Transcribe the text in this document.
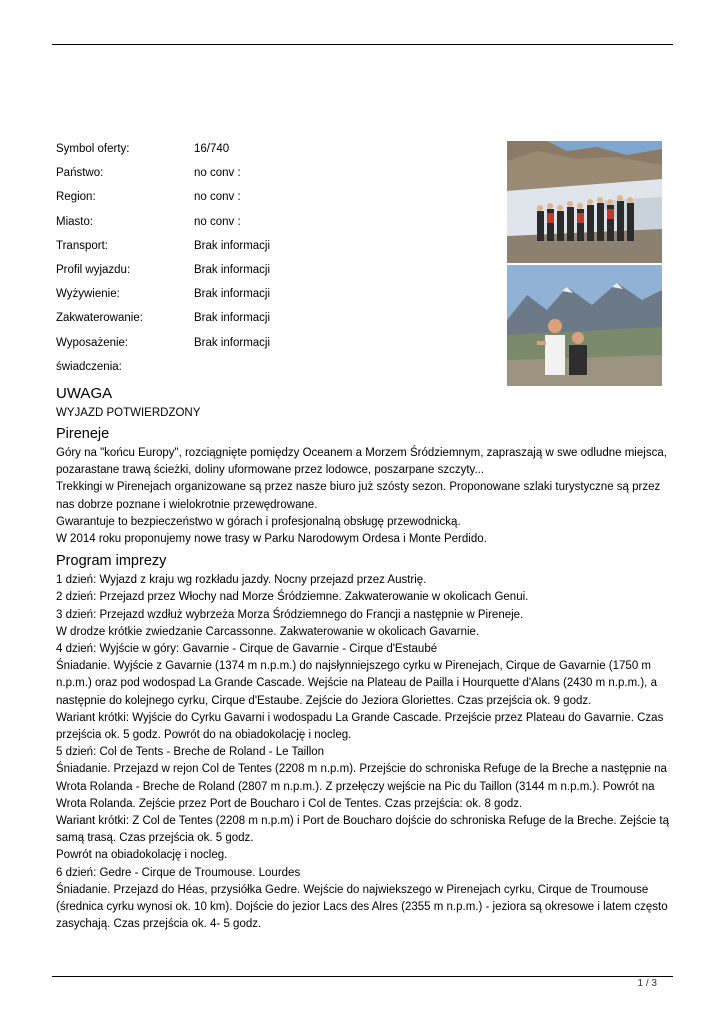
Symbol oferty:	16/740
Państwo:	no conv :
Region:	no conv :
Miasto:	no conv :
Transport:	Brak informacji
Profil wyjazdu:	Brak informacji
Wyżywienie:	Brak informacji
Zakwaterowanie:	Brak informacji
Wyposażenie:	Brak informacji
świadczenia:
UWAGA
WYJAZD POTWIERDZONY
Pireneje

Góry na "końcu Europy", rozciągnięte pomiędzy Oceanem a Morzem Śródziemnym, zapraszają w swe odludne miejsca, pozarastane trawą ścieżki, doliny uformowane przez lodowce, poszarpane szczyty...

Trekkingi w Pirenejach organizowane są przez nasze biuro już szósty sezon. Proponowane szlaki turystyczne są przez nas dobrze poznane i wielokrotnie przewędrowane.

Gwarantuje to bezpieczeństwo w górach i profesjonalną obsługę przewodnicką.

W 2014 roku proponujemy nowe trasy w Parku Narodowym Ordesa i Monte Perdido.

Program imprezy

1 dzień: Wyjazd z kraju wg rozkładu jazdy. Nocny przejazd przez Austrię.

2 dzień: Przejazd przez Włochy nad Morze Śródziemne. Zakwaterowanie w okolicach Genui.

3 dzień: Przejazd wzdłuż wybrzeża Morza Śródziemnego do Francji a następnie w Pireneje.

W drodze krótkie zwiedzanie Carcassonne. Zakwaterowanie w okolicach Gavarnie.

4 dzień: Wyjście w góry: Gavarnie - Cirque de Gavarnie - Cirque d'Estaubé

Śniadanie. Wyjście z Gavarnie (1374 m n.p.m.) do najsłynniejszego cyrku w Pirenejach, Cirque de Gavarnie (1750 m n.p.m.) oraz pod wodospad La Grande Cascade. Wejście na Plateau de Pailla i Hourquette d'Alans (2430 m n.p.m.), a następnie do kolejnego cyrku, Cirque d'Estaube. Zejście do Jeziora Gloriettes. Czas przejścia ok. 9 godz.

Wariant krótki: Wyjście do Cyrku Gavarni i wodospadu La Grande Cascade. Przejście przez Plateau do Gavarnie. Czas przejścia ok. 5 godz. Powrót do na obiadokolację i nocleg.

5 dzień: Col de Tents - Breche de Roland - Le Taillon

Śniadanie. Przejazd w rejon Col de Tentes (2208 m n.p.m). Przejście do schroniska Refuge de la Breche a następnie na Wrota Rolanda - Breche de Roland (2807 m n.p.m.). Z przełęczy wejście na Pic du Taillon (3144 m n.p.m.). Powrót na Wrota Rolanda. Zejście przez Port de Boucharo i Col de Tentes. Czas przejścia: ok. 8 godz.

Wariant krótki: Z Col de Tentes (2208 m n.p.m) i Port de Boucharo dojście do schroniska Refuge de la Breche. Zejście tą samą trasą. Czas przejścia ok. 5 godz.

Powrót na obiadokolację i nocleg.

6 dzień: Gedre - Cirque de Troumouse. Lourdes

Śniadanie. Przejazd do Héas, przysiółka Gedre. Wejście do najwiekszego w Pirenejach cyrku, Cirque de Troumouse (średnica cyrku wynosi ok. 10 km). Dojście do jezior Lacs des Alres (2355 m n.p.m.) - jeziora są okresowe i latem często zasychają. Czas przejścia ok. 4- 5 godz.

1 / 3
